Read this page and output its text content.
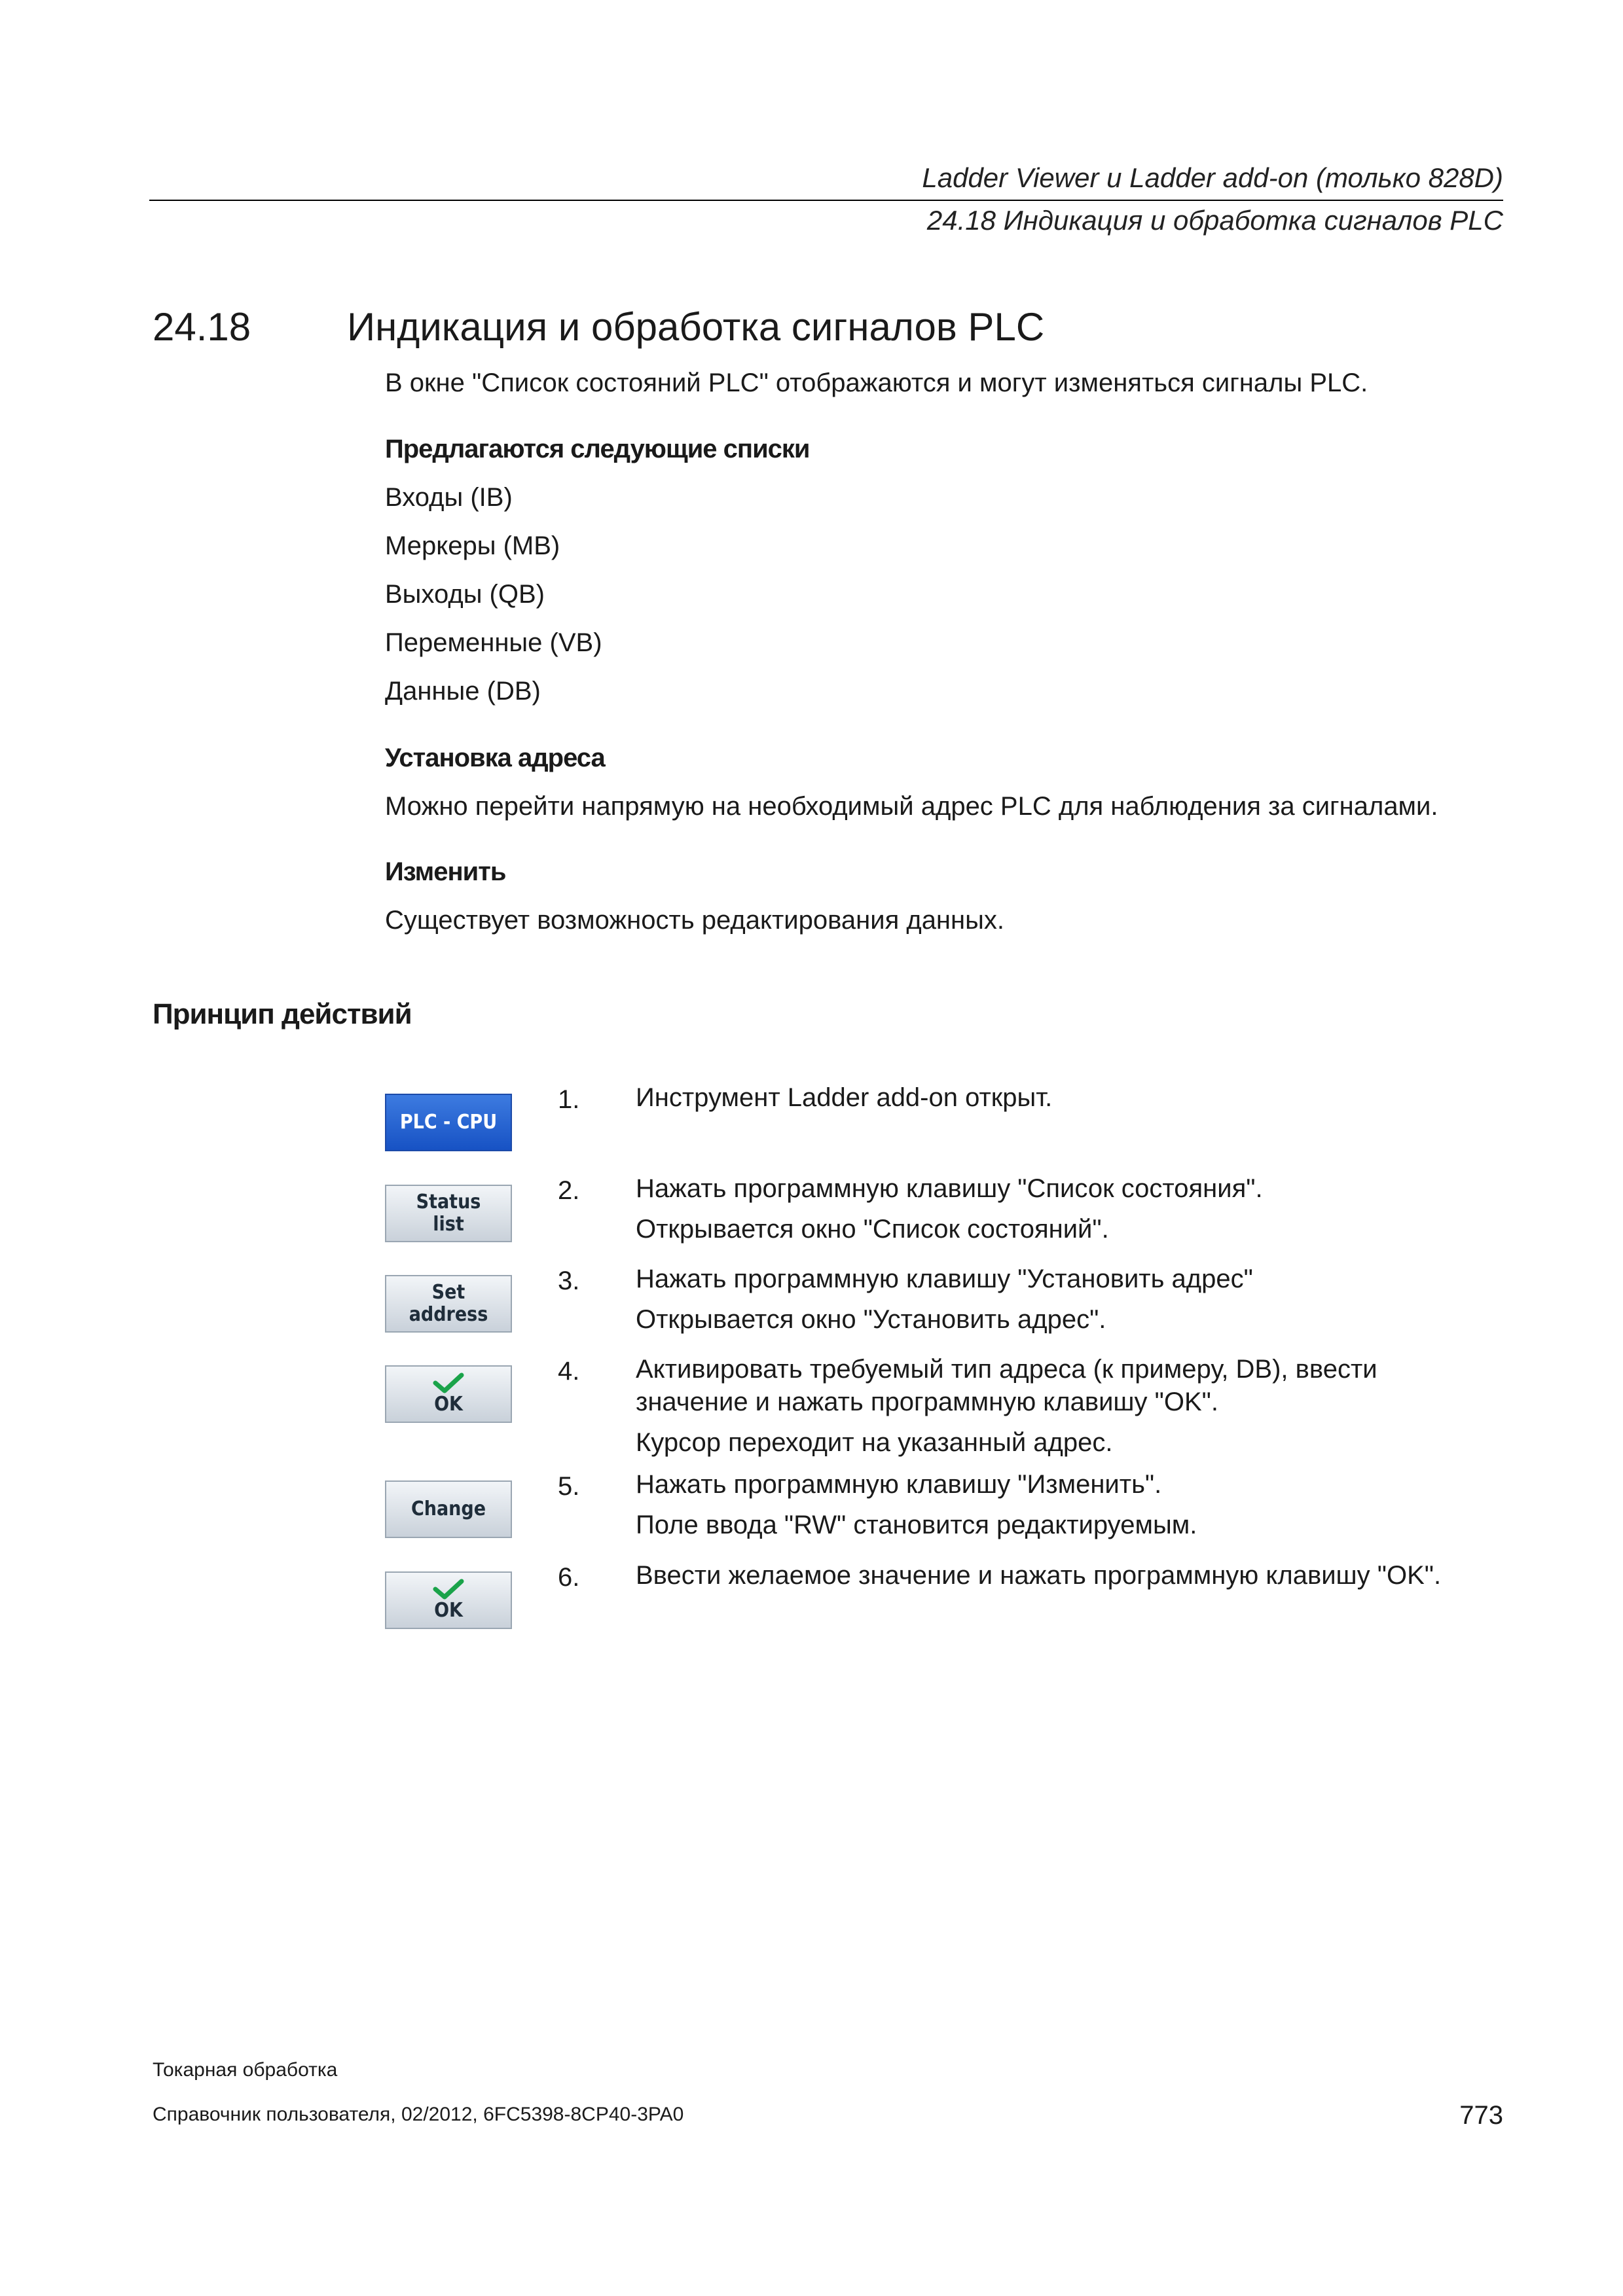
Ladder Viewer и Ladder add-on (только 828D)
24.18 Индикация и обработка сигналов PLC
24.18 Индикация и обработка сигналов PLC
В окне "Список состояний PLC" отображаются и могут изменяться сигналы PLC.
Предлагаются следующие списки
Входы (IB)
Меркеры (MB)
Выходы (QB)
Переменные (VB)
Данные (DB)
Установка адреса
Можно перейти напрямую на необходимый адрес PLC для наблюдения за сигналами.
Изменить
Существует возможность редактирования данных.
Принцип действий
PLC - CPU
Status
list
Set
address
OK
Change
OK
1. Инструмент Ladder add-on открыт.
2. Нажать программную клавишу "Список состояния".
Открывается окно "Список состояний".
3. Нажать программную клавишу "Установить адрес"
Открывается окно "Установить адрес".
4. Активировать требуемый тип адреса (к примеру, DB), ввести
значение и нажать программную клавишу "OK".
Курсор переходит на указанный адрес.
5. Нажать программную клавишу "Изменить".
Поле ввода "RW" становится редактируемым.
6. Ввести желаемое значение и нажать программную клавишу "OK".
Токарная обработка
Справочник пользователя, 02/2012, 6FC5398-8CP40-3PA0	773
